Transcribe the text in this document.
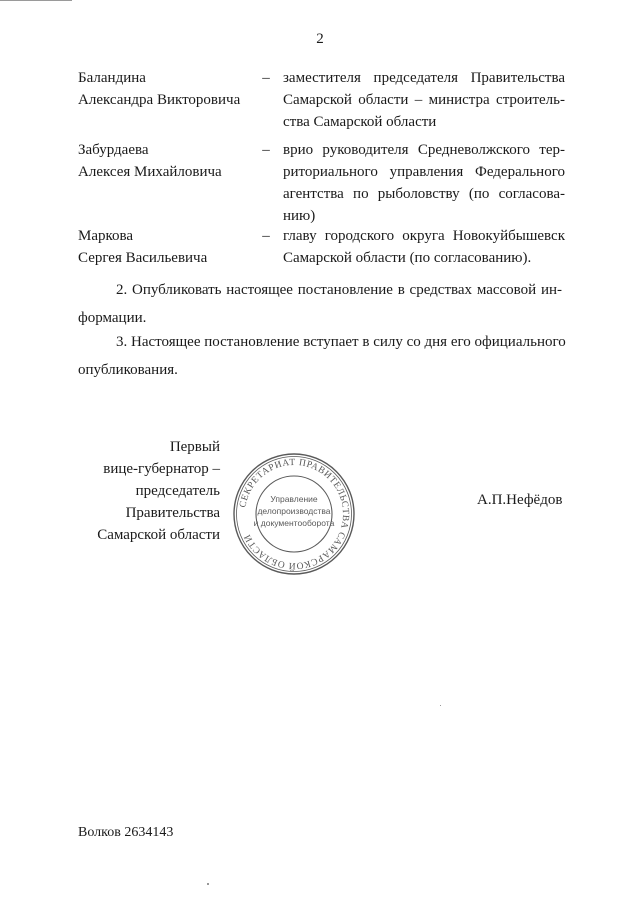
2
Баландина
Александра Викторовича
– заместителя председателя Правительства
Самарской области – министра строитель-
ства Самарской области
Забурдаева
Алексея Михайловича
– врио руководителя Средневолжского тер-
риториального управления Федерального
агентства по рыболовству (по согласова-
нию)
Маркова
Сергея Васильевича
– главу городского округа Новокуйбышевск
Самарской области (по согласованию).
2. Опубликовать настоящее постановление в средствах массовой ин-
формации.
3. Настоящее постановление вступает в силу со дня его официального
опубликования.
Первый
вице-губернатор –
председатель Правительства
Самарской области
А.П.Нефёдов
СЕКРЕТАРИАТ ПРАВИТЕЛЬСТВА САМАРСКОЙ ОБЛАСТИ
Управление
делопроизводства
и документооборота
Волков 2634143
